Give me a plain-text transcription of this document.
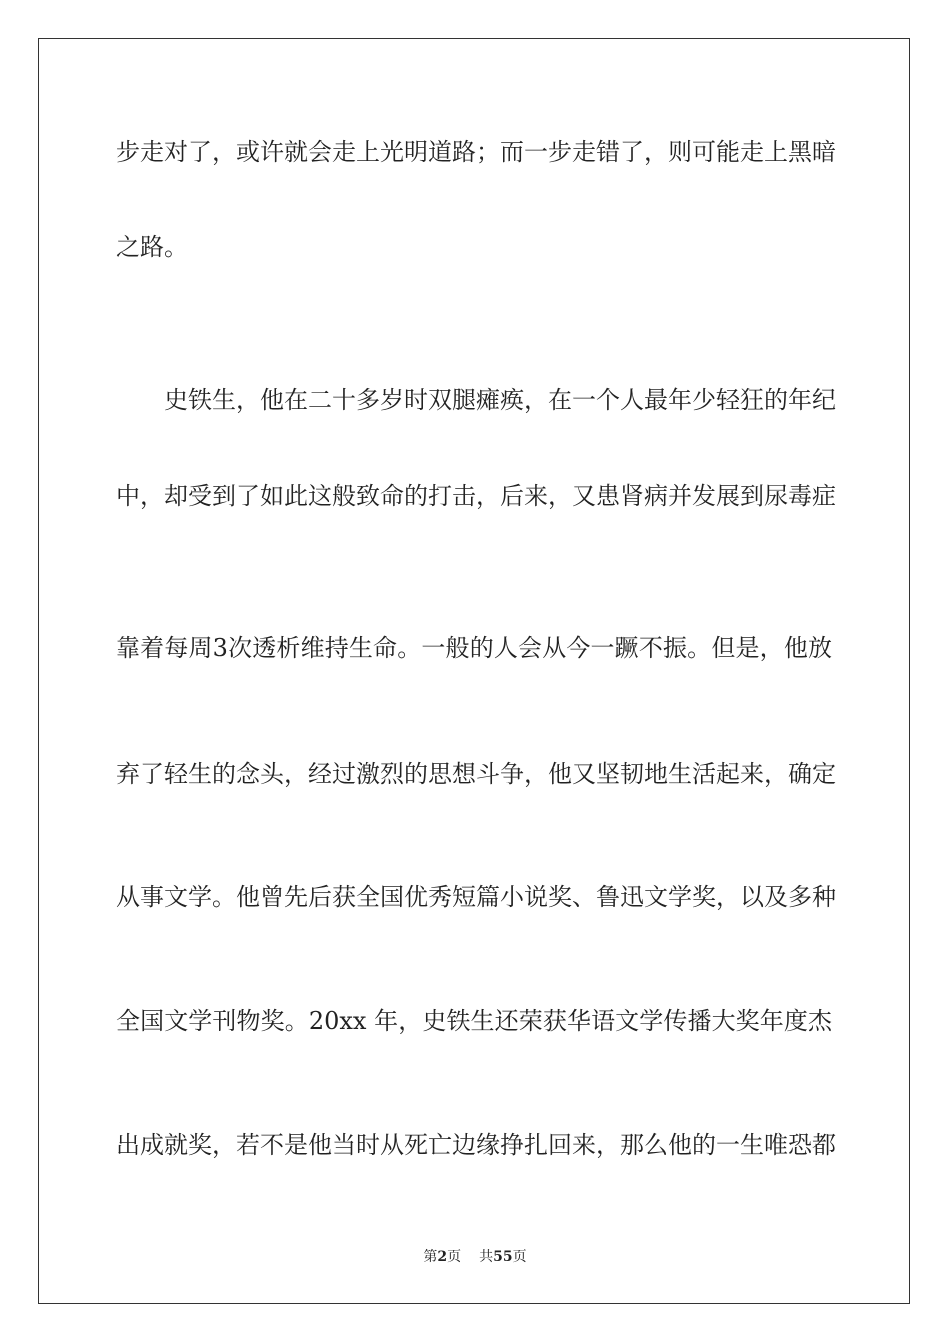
步走对了，或许就会走上光明道路；而一步走错了，则可能走上黑暗
之路。
史铁生，他在二十多岁时双腿瘫痪，在一个人最年少轻狂的年纪
中，却受到了如此这般致命的打击，后来，又患肾病并发展到尿毒症
靠着每周3次透析维持生命。一般的人会从今一蹶不振。但是，他放
弃了轻生的念头，经过激烈的思想斗争，他又坚韧地生活起来，确定
从事文学。他曾先后获全国优秀短篇小说奖、鲁迅文学奖，以及多种
全国文学刊物奖。20xx 年，史铁生还荣获华语文学传播大奖年度杰
出成就奖，若不是他当时从死亡边缘挣扎回来，那么他的一生唯恐都
第2页 共55页
